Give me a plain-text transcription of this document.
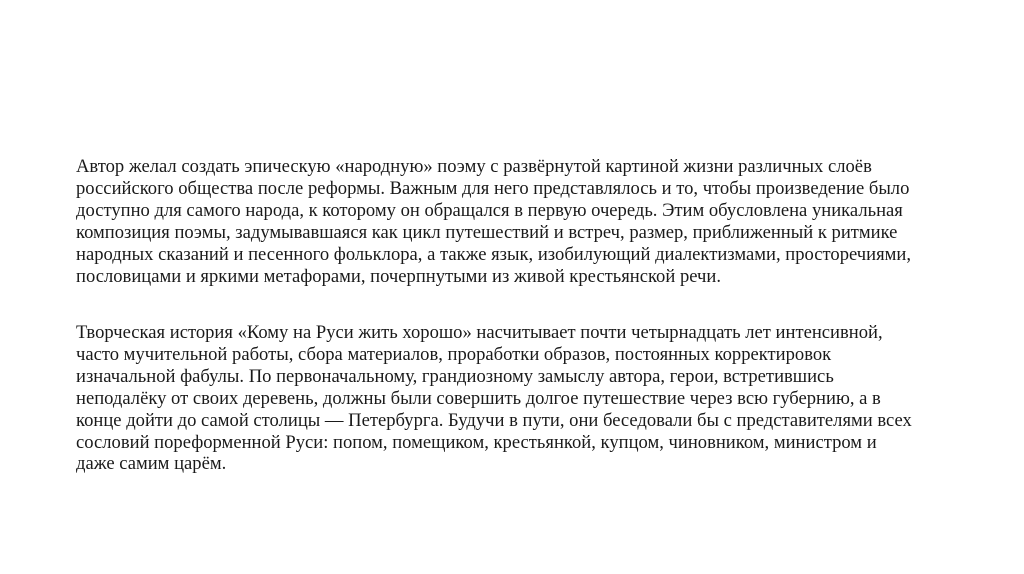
Автор желал создать эпическую «народную» поэму с развёрнутой картиной жизни различных слоёв
российского общества после реформы. Важным для него представлялось и то, чтобы произведение было
доступно для самого народа, к которому он обращался в первую очередь. Этим обусловлена уникальная
композиция поэмы, задумывавшаяся как цикл путешествий и встреч, размер, приближенный к ритмике
народных сказаний и песенного фольклора, а также язык, изобилующий диалектизмами, просторечиями,
пословицами и яркими метафорами, почерпнутыми из живой крестьянской речи.

Творческая история «Кому на Руси жить хорошо» насчитывает почти четырнадцать лет интенсивной,
часто мучительной работы, сбора материалов, проработки образов, постоянных корректировок
изначальной фабулы. По первоначальному, грандиозному замыслу автора, герои, встретившись
неподалёку от своих деревень, должны были совершить долгое путешествие через всю губернию, а в
конце дойти до самой столицы — Петербурга. Будучи в пути, они беседовали бы с представителями всех
сословий пореформенной Руси: попом, помещиком, крестьянкой, купцом, чиновником, министром и
даже самим царём.
